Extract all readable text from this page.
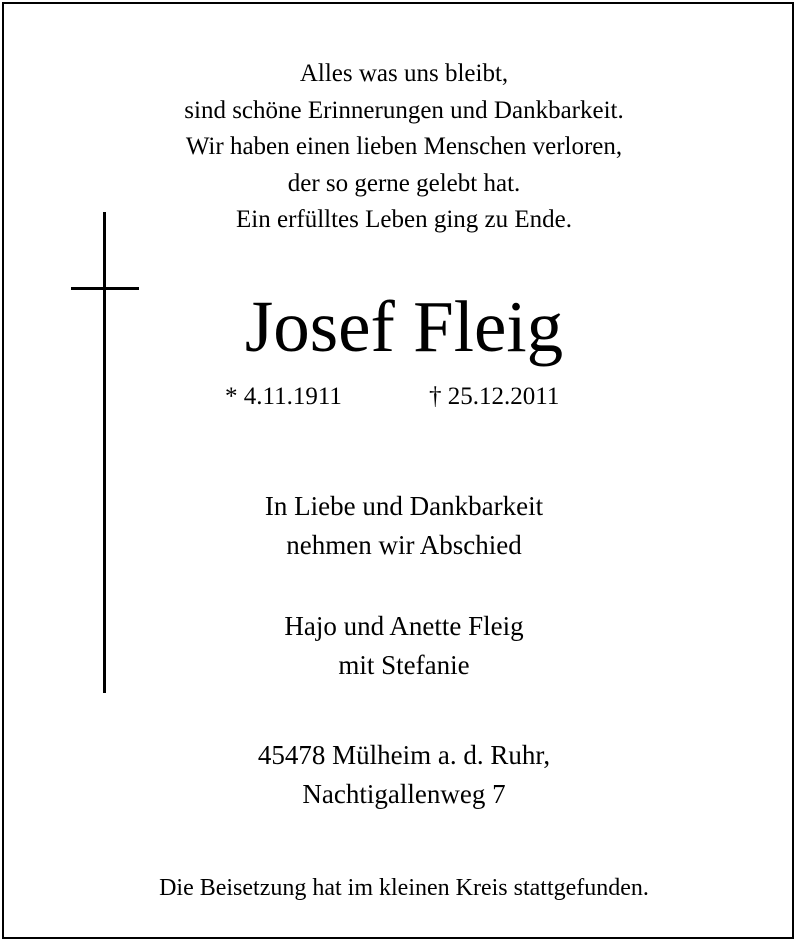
Alles was uns bleibt,
sind schöne Erinnerungen und Dankbarkeit.
Wir haben einen lieben Menschen verloren,
der so gerne gelebt hat.
Ein erfülltes Leben ging zu Ende.
Josef Fleig
* 4.11.1911	† 25.12.2011
In Liebe und Dankbarkeit
nehmen wir Abschied
Hajo und Anette Fleig
mit Stefanie
45478 Mülheim a. d. Ruhr,
Nachtigallenweg 7
Die Beisetzung hat im kleinen Kreis stattgefunden.
